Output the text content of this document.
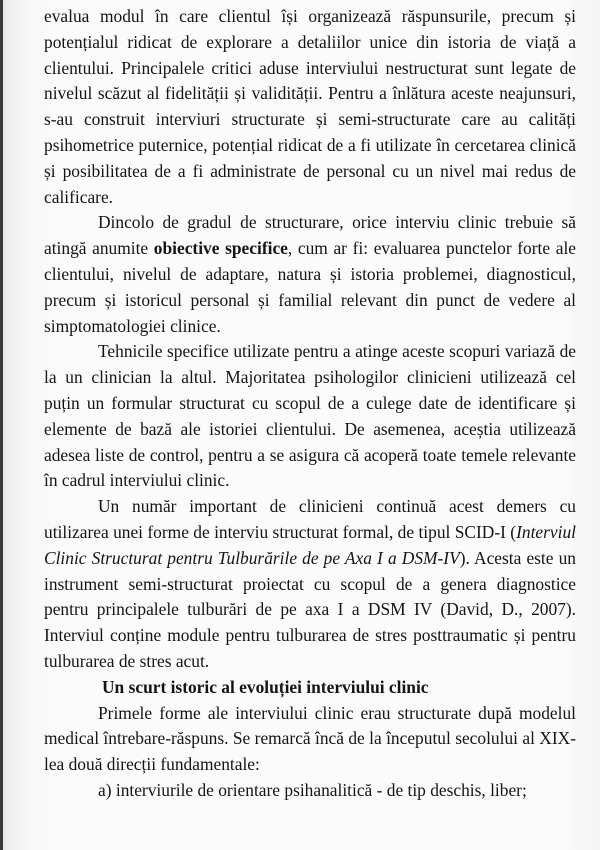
evalua modul în care clientul își organizează răspunsurile, precum și potențialul ridicat de explorare a detaliilor unice din istoria de viață a clientului. Principalele critici aduse interviului nestructurat sunt legate de nivelul scăzut al fidelității și validității. Pentru a înlătura aceste neajunsuri, s-au construit interviuri structurate și semi-structurate care au calități psihometrice puternice, potențial ridicat de a fi utilizate în cercetarea clinică și posibilitatea de a fi administrate de personal cu un nivel mai redus de calificare.

Dincolo de gradul de structurare, orice interviu clinic trebuie să atingă anumite obiective specifice, cum ar fi: evaluarea punctelor forte ale clientului, nivelul de adaptare, natura și istoria problemei, diagnosticul, precum și istoricul personal și familial relevant din punct de vedere al simptomatologiei clinice.

Tehnicile specifice utilizate pentru a atinge aceste scopuri variază de la un clinician la altul. Majoritatea psihologilor clinicieni utilizează cel puțin un formular structurat cu scopul de a culege date de identificare și elemente de bază ale istoriei clientului. De asemenea, aceștia utilizează adesea liste de control, pentru a se asigura că acoperă toate temele relevante în cadrul interviului clinic.

Un număr important de clinicieni continuă acest demers cu utilizarea unei forme de interviu structurat formal, de tipul SCID-I (Interviul Clinic Structurat pentru Tulburările de pe Axa I a DSM-IV). Acesta este un instrument semi-structurat proiectat cu scopul de a genera diagnostice pentru principalele tulburări de pe axa I a DSM IV (David, D., 2007). Interviul conține module pentru tulburarea de stres posttraumatic și pentru tulburarea de stres acut.

Un scurt istoric al evoluției interviului clinic

Primele forme ale interviului clinic erau structurate după modelul medical întrebare-răspuns. Se remarcă încă de la începutul secolului al XIX-lea două direcții fundamentale:

a) interviurile de orientare psihanalitică - de tip deschis, liber;
